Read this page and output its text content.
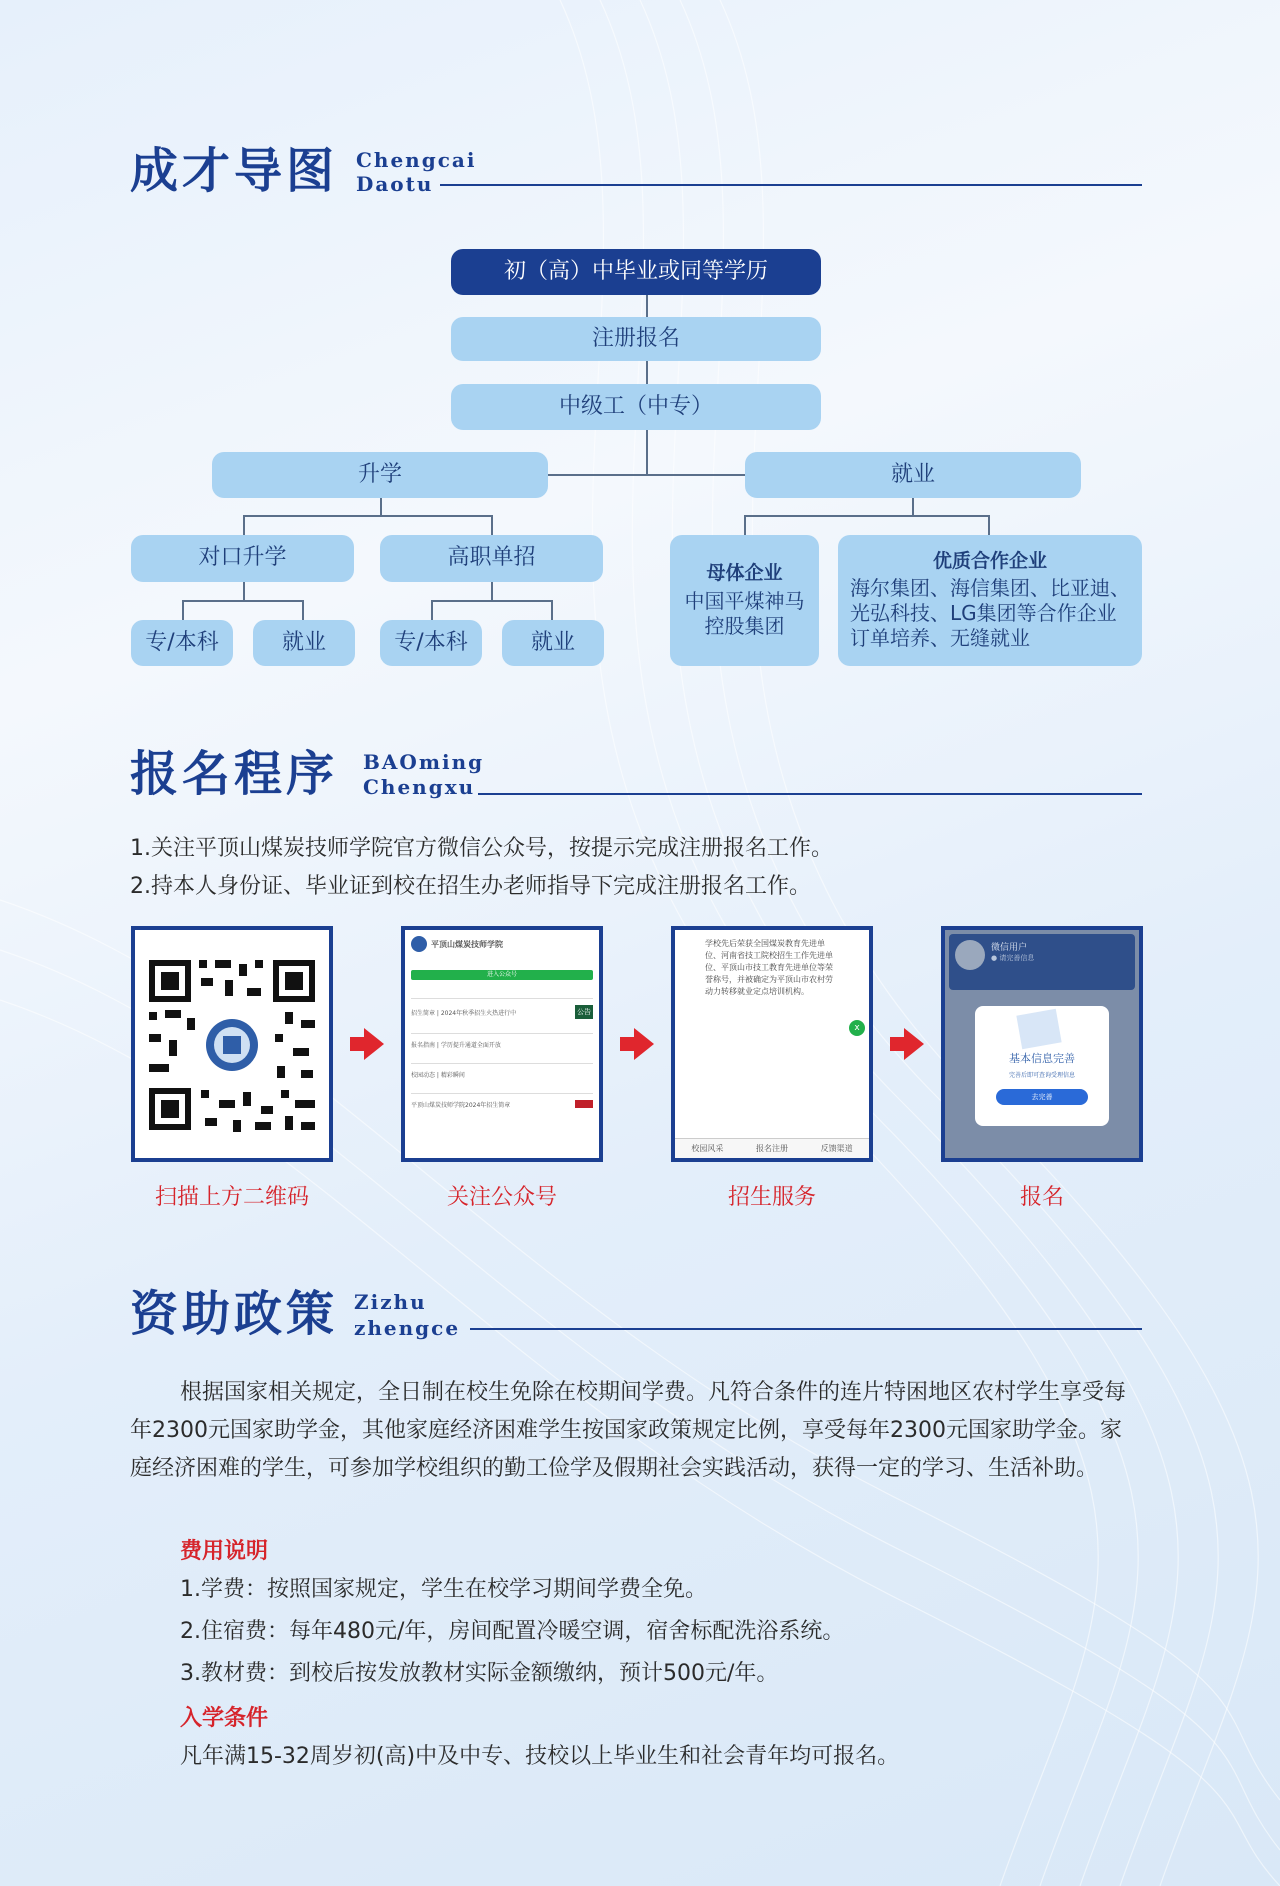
成才导图 Chengcai
Daotu
初（高）中毕业或同等学历
注册报名
中级工（中专）
升学	就业
对口升学	高职单招
专/本科	就业	专/本科	就业
母体企业
中国平煤神马控股集团
优质合作企业
海尔集团、海信集团、比亚迪、光弘科技、LG集团等合作企业订单培养、无缝就业
报名程序 BAOming
Chengxu
1.关注平顶山煤炭技师学院官方微信公众号，按提示完成注册报名工作。
2.持本人身份证、毕业证到校在招生办老师指导下完成注册报名工作。
平顶山煤炭技师学院
进入公众号
招生简章 | 2024年秋季招生火热进行中	公告
报名指南 | 学历提升通道全面开放
校园动态 | 精彩瞬间
平顶山煤炭技师学院2024年招生简章
学校先后荣获全国煤炭教育先进单位、河南省技工院校招生工作先进单位、平顶山市技工教育先进单位等荣誉称号，并被确定为平顶山市农村劳动力转移就业定点培训机构。
x
校园风采	报名注册	反馈渠道
微信用户
● 请完善信息
基本信息完善
完善后即可查询受理信息
去完善
扫描上方二维码	关注公众号	招生服务	报名
资助政策 Zizhu
zhengce
根据国家相关规定，全日制在校生免除在校期间学费。凡符合条件的连片特困地区农村学生享受每年2300元国家助学金，其他家庭经济困难学生按国家政策规定比例，享受每年2300元国家助学金。家庭经济困难的学生，可参加学校组织的勤工俭学及假期社会实践活动，获得一定的学习、生活补助。
费用说明
1.学费：按照国家规定，学生在校学习期间学费全免。
2.住宿费：每年480元/年，房间配置冷暖空调，宿舍标配洗浴系统。
3.教材费：到校后按发放教材实际金额缴纳，预计500元/年。
入学条件
凡年满15-32周岁初(高)中及中专、技校以上毕业生和社会青年均可报名。
